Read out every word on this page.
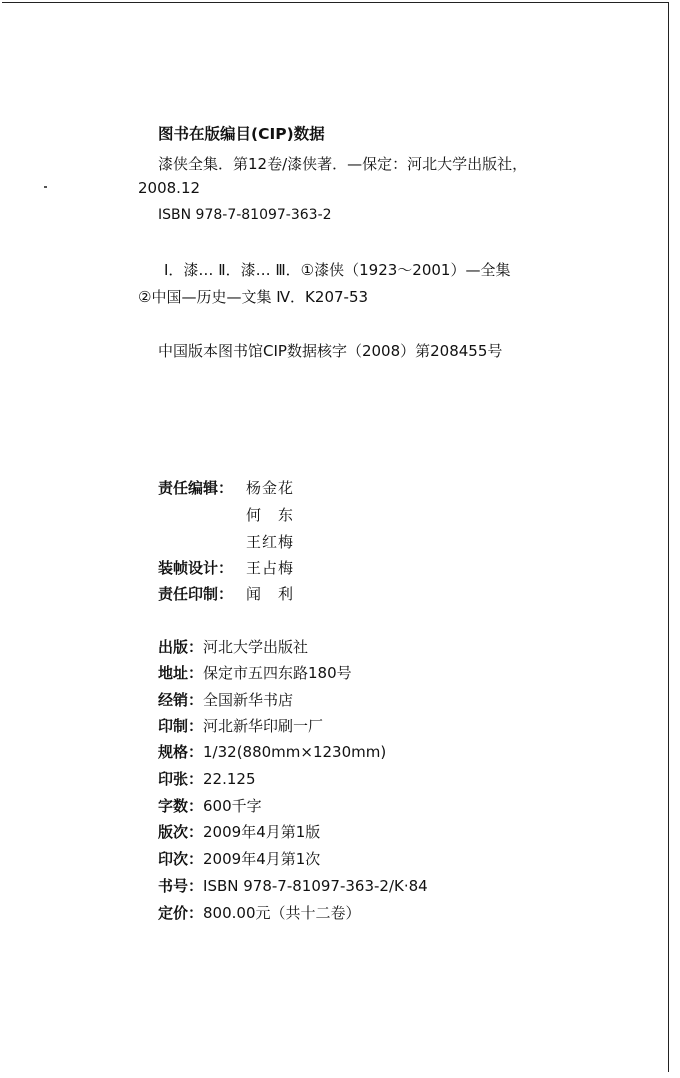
图书在版编目(CIP)数据
漆侠全集．第12卷/漆侠著．—保定：河北大学出版社，
2008.12
ISBN 978-7-81097-363-2
Ⅰ．漆… Ⅱ．漆… Ⅲ．①漆侠（1923～2001）—全集
②中国—历史—文集 Ⅳ．K207-53
中国版本图书馆CIP数据核字（2008）第208455号
责任编辑： 杨金花
何　东
王红梅
装帧设计： 王占梅
责任印制： 闻　利
出版：河北大学出版社
地址：保定市五四东路180号
经销：全国新华书店
印制：河北新华印刷一厂
规格：1/32(880mm×1230mm)
印张：22.125
字数：600千字
版次：2009年4月第1版
印次：2009年4月第1次
书号：ISBN 978-7-81097-363-2/K·84
定价：800.00元（共十二卷）
